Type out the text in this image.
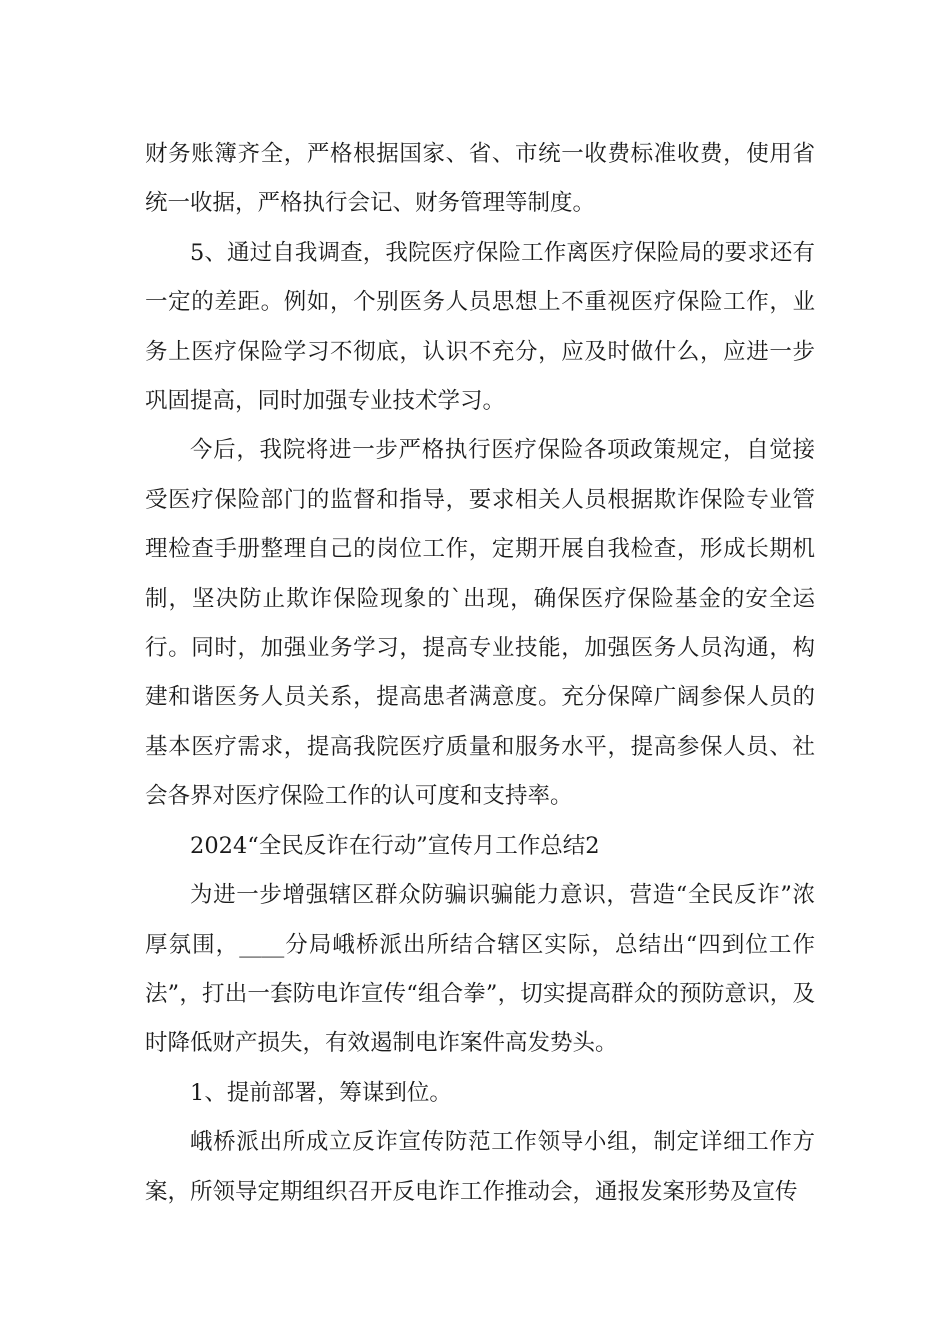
财务账簿齐全，严格根据国家、省、市统一收费标准收费，使用省统一收据，严格执行会记、财务管理等制度。

5、通过自我调查，我院医疗保险工作离医疗保险局的要求还有一定的差距。例如，个别医务人员思想上不重视医疗保险工作，业务上医疗保险学习不彻底，认识不充分，应及时做什么，应进一步巩固提高，同时加强专业技术学习。

今后，我院将进一步严格执行医疗保险各项政策规定，自觉接受医疗保险部门的监督和指导，要求相关人员根据欺诈保险专业管理检查手册整理自己的岗位工作，定期开展自我检查，形成长期机制，坚决防止欺诈保险现象的`出现，确保医疗保险基金的安全运行。同时，加强业务学习，提高专业技能，加强医务人员沟通，构建和谐医务人员关系，提高患者满意度。充分保障广阔参保人员的基本医疗需求，提高我院医疗质量和服务水平，提高参保人员、社会各界对医疗保险工作的认可度和支持率。

2024“全民反诈在行动”宣传月工作总结2

为进一步增强辖区群众防骗识骗能力意识，营造“全民反诈”浓厚氛围，____分局峨桥派出所结合辖区实际，总结出“四到位工作法”，打出一套防电诈宣传“组合拳”，切实提高群众的预防意识，及时降低财产损失，有效遏制电诈案件高发势头。

1、提前部署，筹谋到位。

峨桥派出所成立反诈宣传防范工作领导小组，制定详细工作方案，所领导定期组织召开反电诈工作推动会，通报发案形势及宣传
